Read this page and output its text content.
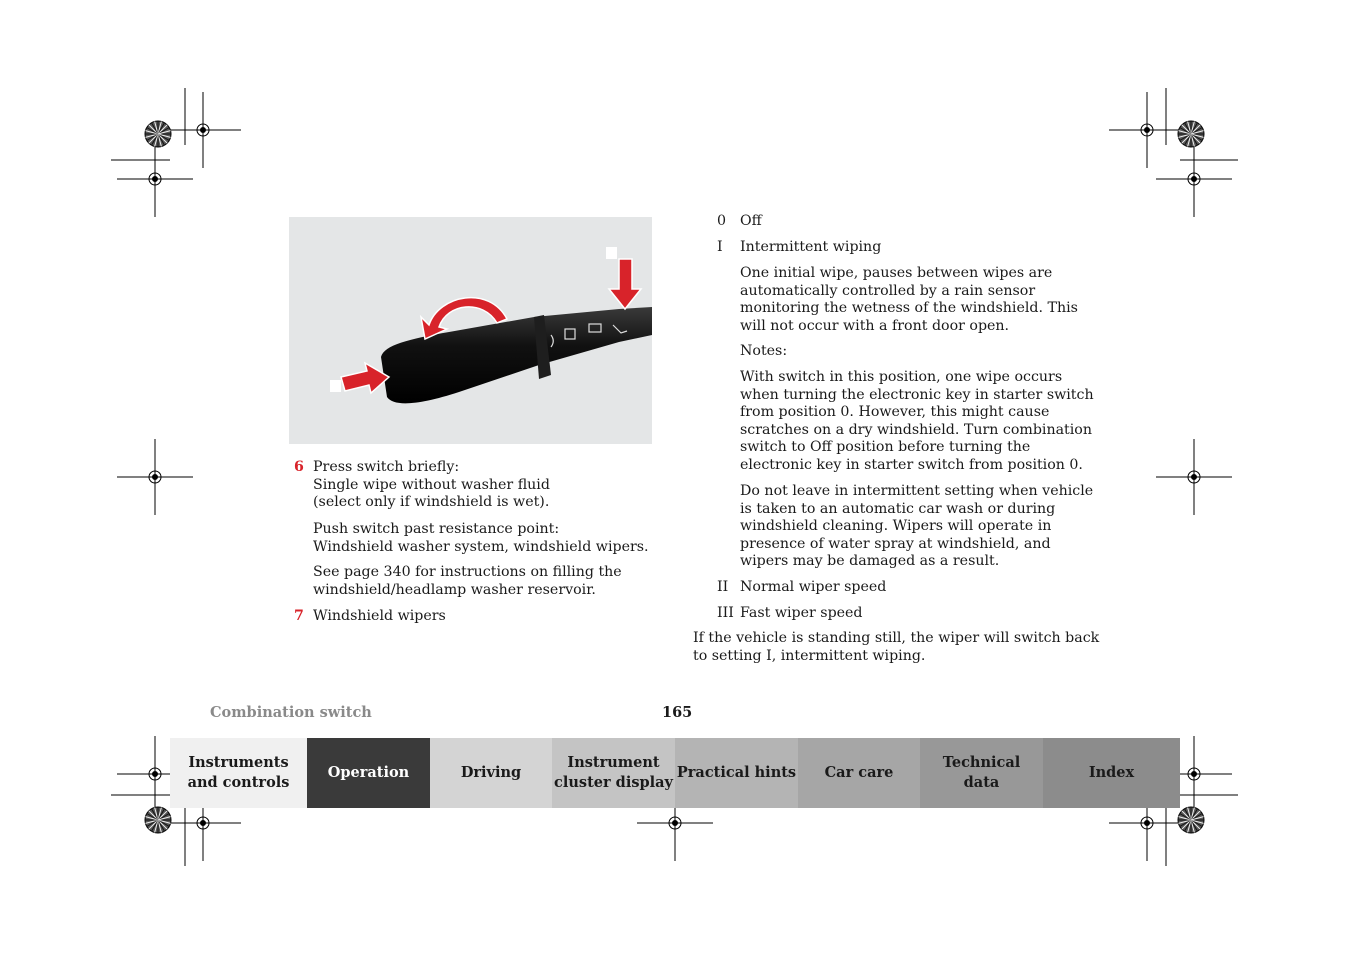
6 Press switch briefly:
Single wipe without washer fluid
(select only if windshield is wet).
Push switch past resistance point:
Windshield washer system, windshield wipers.
See page 340 for instructions on filling the
windshield/headlamp washer reservoir.
7 Windshield wipers
0 Off
I Intermittent wiping
One initial wipe, pauses between wipes are
automatically controlled by a rain sensor
monitoring the wetness of the windshield. This
will not occur with a front door open.
Notes:
With switch in this position, one wipe occurs
when turning the electronic key in starter switch
from position 0. However, this might cause
scratches on a dry windshield. Turn combination
switch to Off position before turning the
electronic key in starter switch from position 0.
Do not leave in intermittent setting when vehicle
is taken to an automatic car wash or during
windshield cleaning. Wipers will operate in
presence of water spray at windshield, and
wipers may be damaged as a result.
II Normal wiper speed
III Fast wiper speed
If the vehicle is standing still, the wiper will switch back
to setting I, intermittent wiping.
Combination switch	165
Instruments
and controls
Operation	Driving
Instrument
cluster display
Practical hints Car care
Technical
data
Index
